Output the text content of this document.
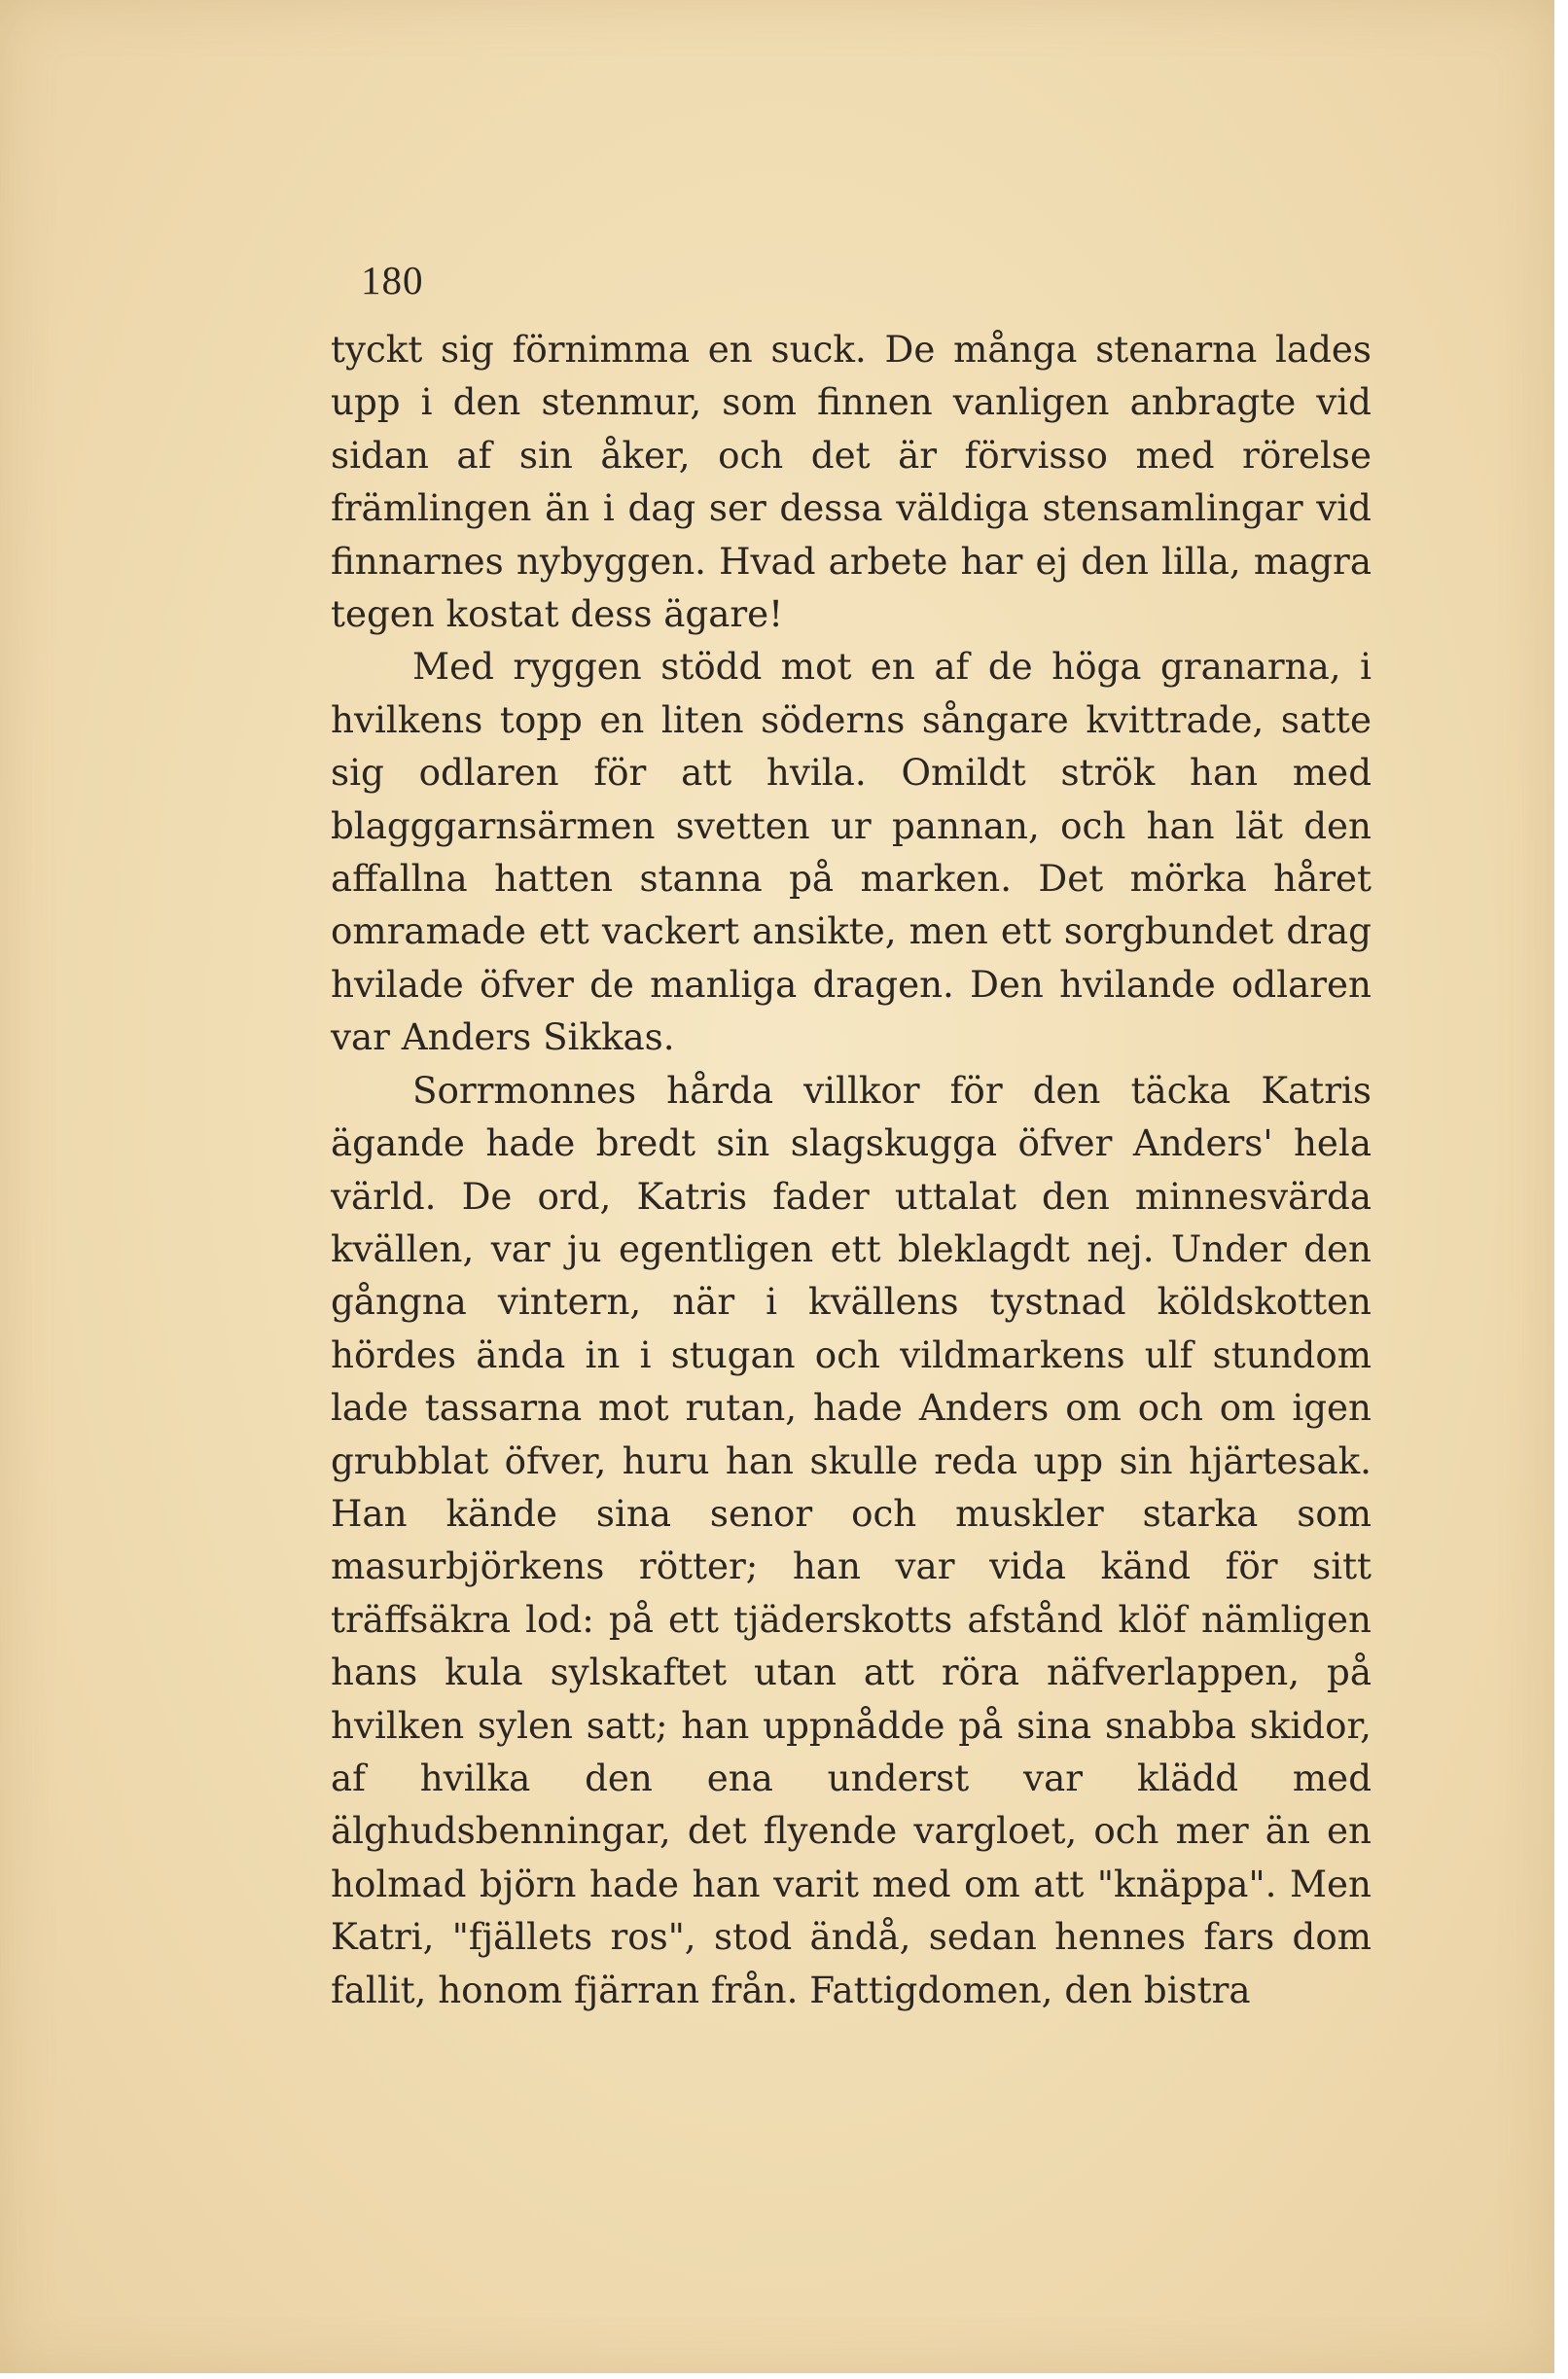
180

tyckt sig förnimma en suck. De många stenarna lades upp i den stenmur, som finnen vanligen anbragte vid sidan af sin åker, och det är förvisso med rörelse främlingen än i dag ser dessa väldiga stensamlingar vid finnarnes nybyggen. Hvad arbete har ej den lilla, magra tegen kostat dess ägare!

Med ryggen stödd mot en af de höga granarna, i hvilkens topp en liten söderns sångare kvittrade, satte sig odlaren för att hvila. Omildt strök han med blagggarnsärmen svetten ur pannan, och han lät den affallna hatten stanna på marken. Det mörka håret omramade ett vackert ansikte, men ett sorgbundet drag hvilade öfver de manliga dragen. Den hvilande odlaren var Anders Sikkas.

Sorrmonnes hårda villkor för den täcka Katris ägande hade bredt sin slagskugga öfver Anders' hela värld. De ord, Katris fader uttalat den minnesvärda kvällen, var ju egentligen ett bleklagdt nej. Under den gångna vintern, när i kvällens tystnad köldskotten hördes ända in i stugan och vildmarkens ulf stundom lade tassarna mot rutan, hade Anders om och om igen grubblat öfver, huru han skulle reda upp sin hjärtesak. Han kände sina senor och muskler starka som masurbjörkens rötter; han var vida känd för sitt träffsäkra lod: på ett tjäderskotts afstånd klöf nämligen hans kula sylskaftet utan att röra näfverlappen, på hvilken sylen satt; han uppnådde på sina snabba skidor, af hvilka den ena underst var klädd med älghudsbenningar, det flyende vargloet, och mer än en holmad björn hade han varit med om att "knäppa". Men Katri, "fjällets ros", stod ändå, sedan hennes fars dom fallit, honom fjärran från. Fattigdomen, den bistra
